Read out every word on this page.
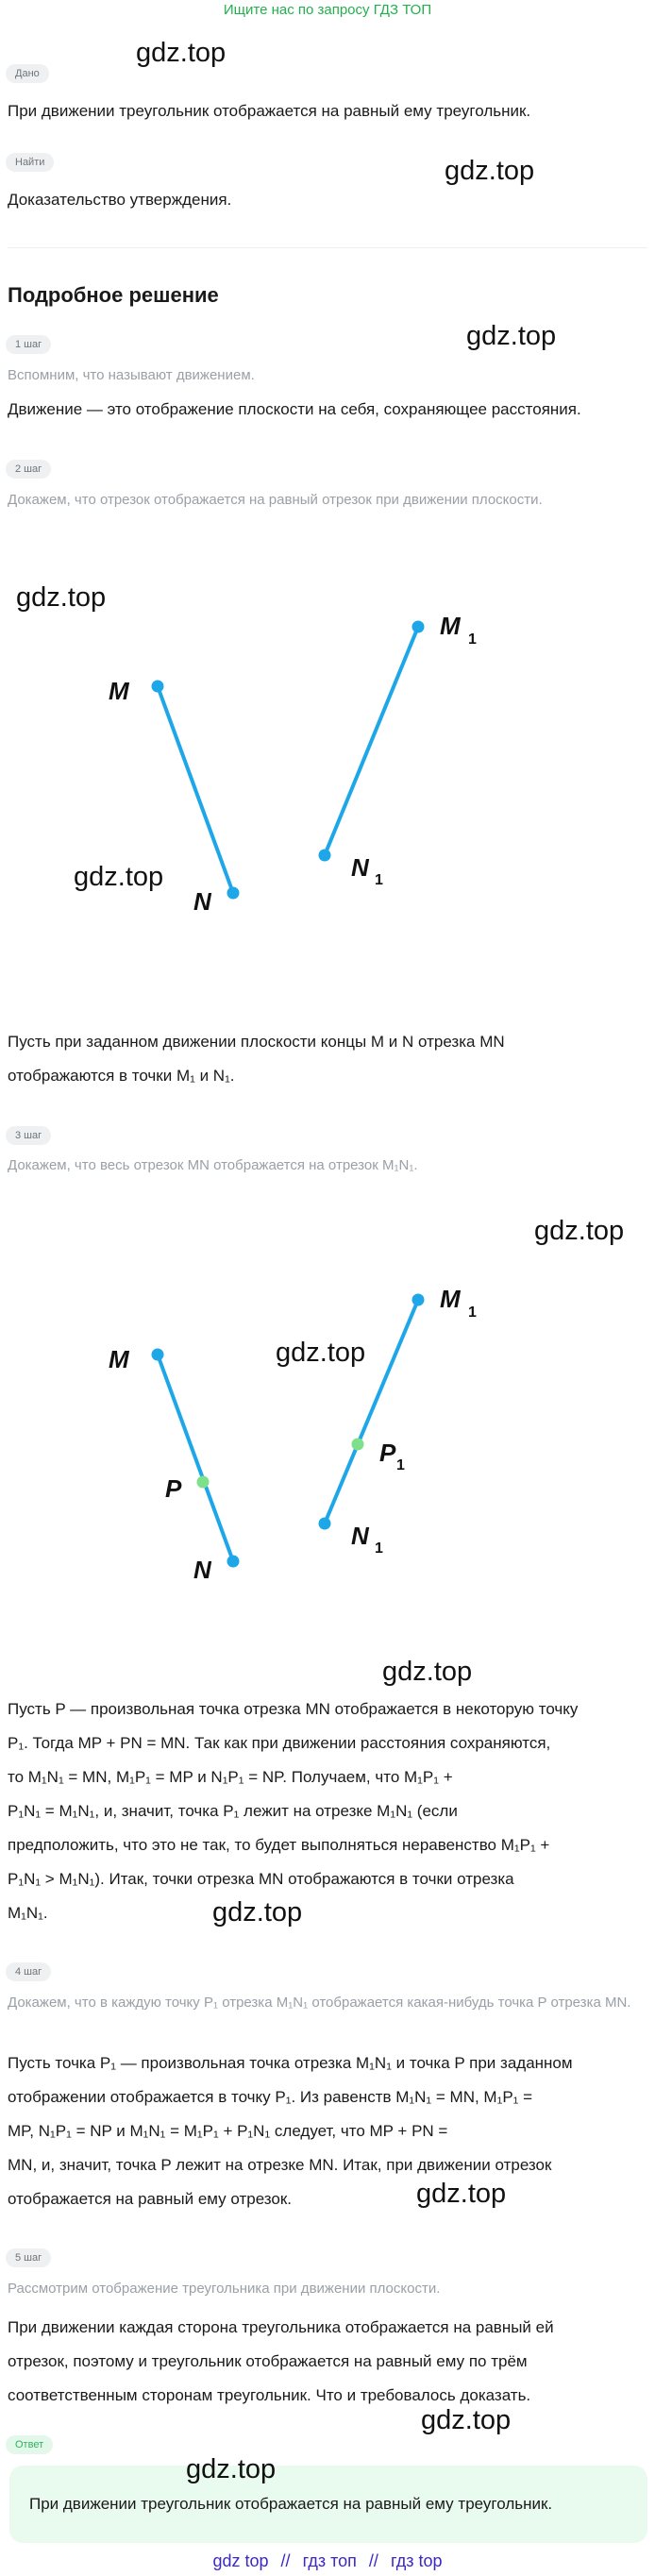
Ищите нас по запросу ГДЗ ТОП
Дано
gdz.top
При движении треугольник отображается на равный ему треугольник.
Найти	gdz.top
Доказательство утверждения.
Подробное решение
1 шаг	gdz.top
Вспомним, что называют движением.
Движение — это отображение плоскости на себя, сохраняющее расстояния.
2 шаг
Докажем, что отрезок отображается на равный отрезок при движении плоскости.
gdz.top
gdz.top
M
N
M 1
N 1
Пусть при заданном движении плоскости концы M и N отрезка MN
отображаются в точки M₁ и N₁.
3 шаг
Докажем, что весь отрезок MN отображается на отрезок M₁N₁.
gdz.top
gdz.top
M
P
N
M 1
P 1
N 1
gdz.top
Пусть P — произвольная точка отрезка MN отображается в некоторую точку
P₁. Тогда MP + PN = MN. Так как при движении расстояния сохраняются,
то M₁N₁ = MN, M₁P₁ = MP и N₁P₁ = NP. Получаем, что M₁P₁ +
P₁N₁ = M₁N₁, и, значит, точка P₁ лежит на отрезке M₁N₁ (если
предположить, что это не так, то будет выполняться неравенство M₁P₁ +
P₁N₁ > M₁N₁). Итак, точки отрезка MN отображаются в точки отрезка
M₁N₁.	gdz.top
4 шаг
Докажем, что в каждую точку P₁ отрезка M₁N₁ отображается какая-нибудь точка P отрезка MN.
Пусть точка P₁ — произвольная точка отрезка M₁N₁ и точка P при заданном
отображении отображается в точку P₁. Из равенств M₁N₁ = MN, M₁P₁ =
MP, N₁P₁ = NP и M₁N₁ = M₁P₁ + P₁N₁ следует, что MP + PN =
MN, и, значит, точка P лежит на отрезке MN. Итак, при движении отрезок
отображается на равный ему отрезок.	gdz.top
5 шаг
Рассмотрим отображение треугольника при движении плоскости.
При движении каждая сторона треугольника отображается на равный ей
отрезок, поэтому и треугольник отображается на равный ему по трём
соответственным сторонам треугольник. Что и требовалось доказать.
gdz.top
Ответ
gdz.top
При движении треугольник отображается на равный ему треугольник.
gdz top // гдз топ // гдз top
